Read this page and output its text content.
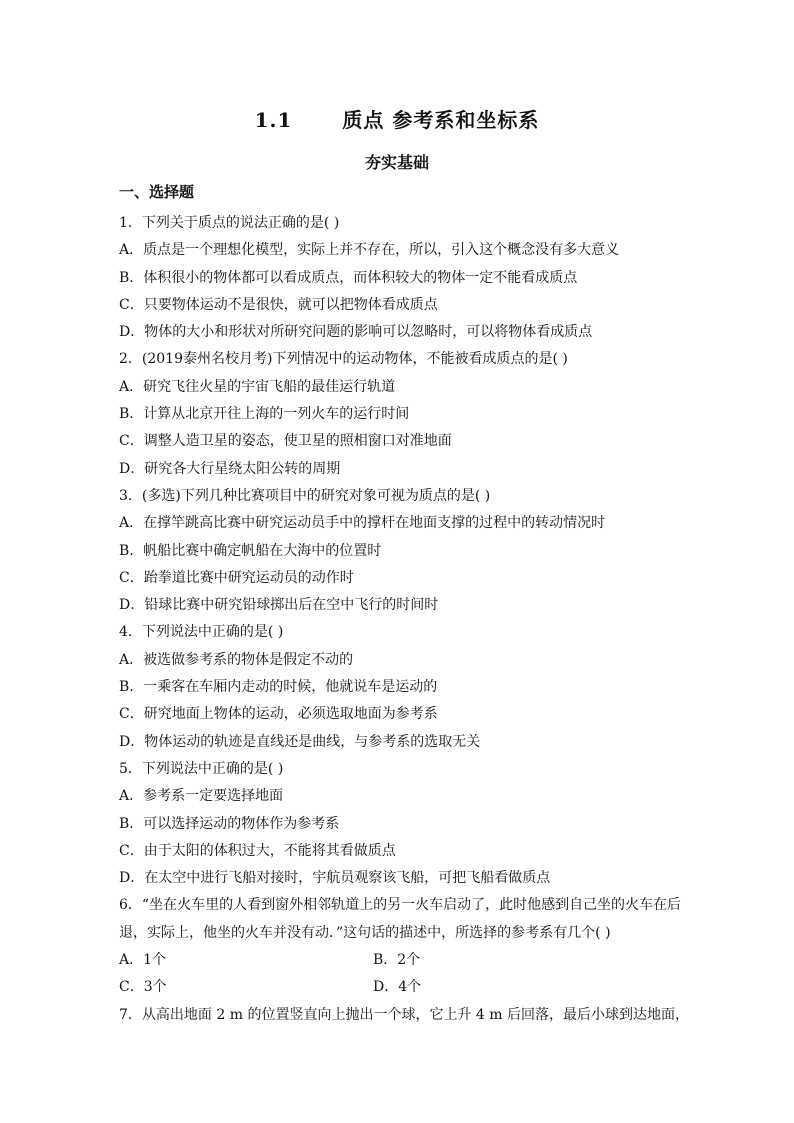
1.1	质点 参考系和坐标系
夯实基础
一、选择题
1．下列关于质点的说法正确的是( )
A．质点是一个理想化模型，实际上并不存在，所以，引入这个概念没有多大意义
B．体积很小的物体都可以看成质点，而体积较大的物体一定不能看成质点
C．只要物体运动不是很快，就可以把物体看成质点
D．物体的大小和形状对所研究问题的影响可以忽略时，可以将物体看成质点
2．(2019泰州名校月考)下列情况中的运动物体，不能被看成质点的是( )
A．研究飞往火星的宇宙飞船的最佳运行轨道
B．计算从北京开往上海的一列火车的运行时间
C．调整人造卫星的姿态，使卫星的照相窗口对准地面
D．研究各大行星绕太阳公转的周期
3．(多选)下列几种比赛项目中的研究对象可视为质点的是( )
A．在撑竿跳高比赛中研究运动员手中的撑杆在地面支撑的过程中的转动情况时
B．帆船比赛中确定帆船在大海中的位置时
C．跆拳道比赛中研究运动员的动作时
D．铅球比赛中研究铅球掷出后在空中飞行的时间时
4．下列说法中正确的是( )
A．被选做参考系的物体是假定不动的
B．一乘客在车厢内走动的时候，他就说车是运动的
C．研究地面上物体的运动，必须选取地面为参考系
D．物体运动的轨迹是直线还是曲线，与参考系的选取无关
5．下列说法中正确的是( )
A．参考系一定要选择地面
B．可以选择运动的物体作为参考系
C．由于太阳的体积过大，不能将其看做质点
D．在太空中进行飞船对接时，宇航员观察该飞船，可把飞船看做质点
6．“坐在火车里的人看到窗外相邻轨道上的另一火车启动了，此时他感到自己坐的火车在后
退，实际上，他坐的火车并没有动．”这句话的描述中，所选择的参考系有几个( )
A．1个	B．2个
C．3个	D．4个
7．从高出地面 2 m 的位置竖直向上抛出一个球，它上升 4 m 后回落，最后小球到达地面，
